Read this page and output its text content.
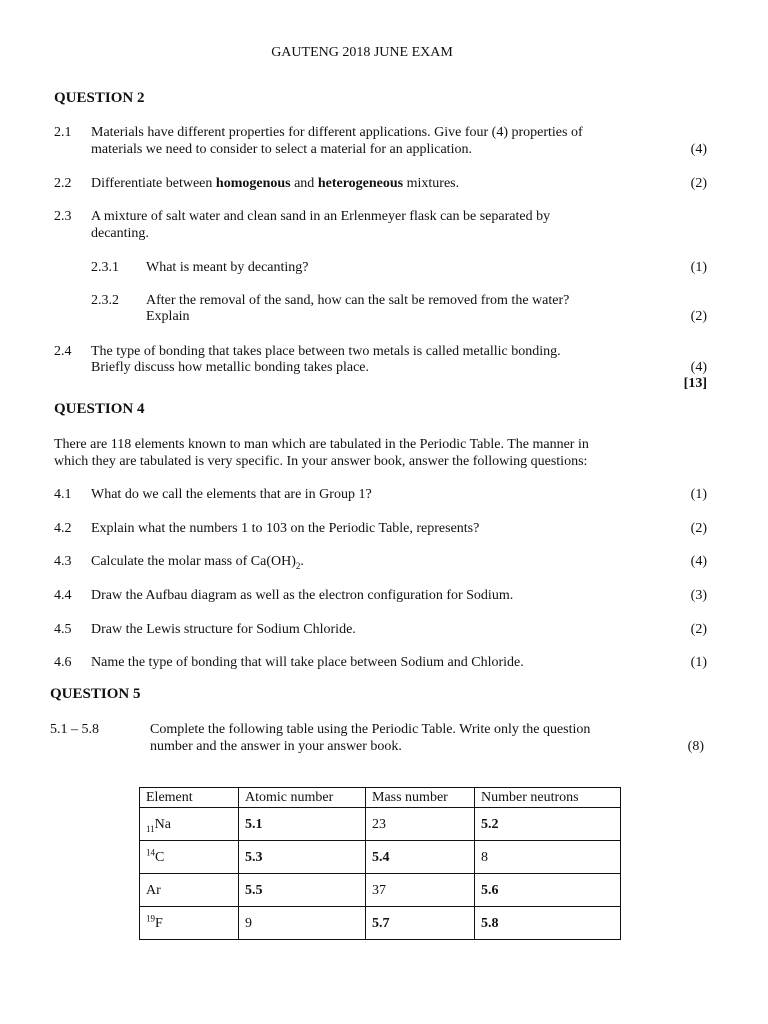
GAUTENG 2018 JUNE EXAM
QUESTION 2
2.1	Materials have different properties for different applications. Give four (4) properties of
materials we need to consider to select a material for an application.	(4)
2.2	Differentiate between homogenous and heterogeneous mixtures.	(2)
2.3	A mixture of salt water and clean sand in an Erlenmeyer flask can be separated by
decanting.
2.3.1	What is meant by decanting?	(1)
2.3.2	After the removal of the sand, how can the salt be removed from the water?
Explain	(2)
2.4	The type of bonding that takes place between two metals is called metallic bonding.
Briefly discuss how metallic bonding takes place.	(4)
[13]
QUESTION 4
There are 118 elements known to man which are tabulated in the Periodic Table. The manner in
which they are tabulated is very specific. In your answer book, answer the following questions:
4.1	What do we call the elements that are in Group 1?	(1)
4.2	Explain what the numbers 1 to 103 on the Periodic Table, represents?	(2)
4.3	Calculate the molar mass of $Ca(OH)_2$.	(4)
4.4	Draw the Aufbau diagram as well as the electron configuration for Sodium.	(3)
4.5	Draw the Lewis structure for Sodium Chloride.	(2)
4.6	Name the type of bonding that will take place between Sodium and Chloride.	(1)
QUESTION 5
5.1 – 5.8	Complete the following table using the Periodic Table. Write only the question
number and the answer in your answer book.	(8)
Element	Atomic number	Mass number	Number neutrons
$_{11}$Na	5.1	23	5.2
$^{14}$C	5.3	5.4	8
Ar	5.5	37	5.6
$^{19}$F	9	5.7	5.8
